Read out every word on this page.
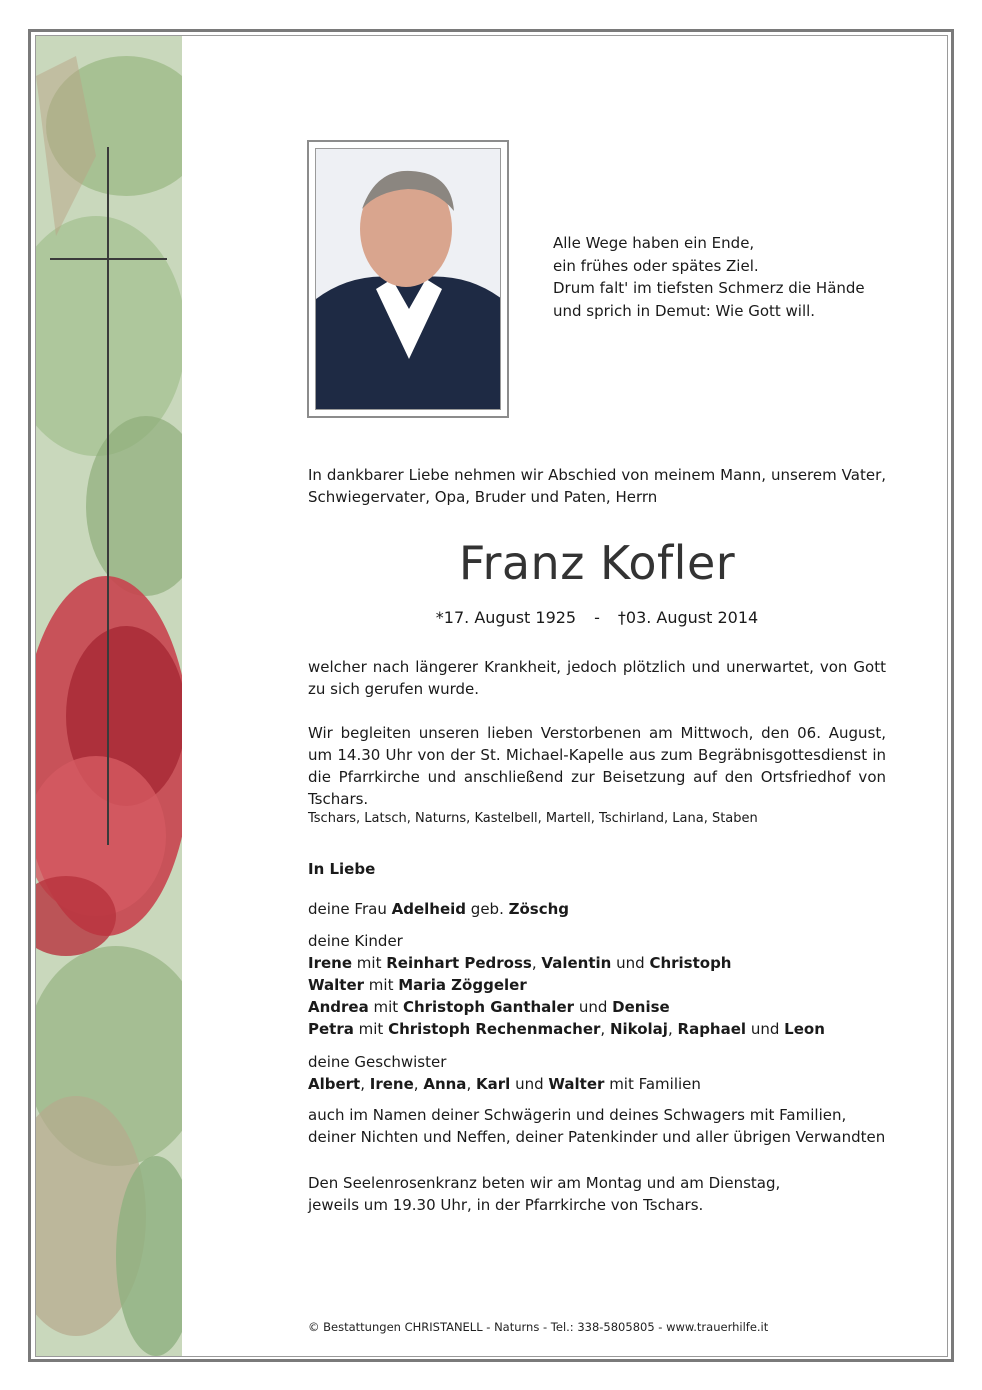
Alle Wege haben ein Ende,
ein frühes oder spätes Ziel.
Drum falt' im tiefsten Schmerz die Hände
und sprich in Demut: Wie Gott will.
In dankbarer Liebe nehmen wir Abschied von meinem Mann, unserem Vater, Schwiegervater, Opa, Bruder und Paten, Herrn
Franz Kofler
*17. August 1925 - †03. August 2014
welcher nach längerer Krankheit, jedoch plötzlich und unerwartet, von Gott zu sich gerufen wurde.
Wir begleiten unseren lieben Verstorbenen am Mittwoch, den 06. August, um 14.30 Uhr von der St. Michael-Kapelle aus zum Begräbnisgottesdienst in die Pfarrkirche und anschließend zur Beisetzung auf den Ortsfriedhof von Tschars.
Tschars, Latsch, Naturns, Kastelbell, Martell, Tschirland, Lana, Staben
In Liebe
deine Frau Adelheid geb. Zöschg
deine Kinder
Irene mit Reinhart Pedross, Valentin und Christoph
Walter mit Maria Zöggeler
Andrea mit Christoph Ganthaler und Denise
Petra mit Christoph Rechenmacher, Nikolaj, Raphael und Leon
deine Geschwister
Albert, Irene, Anna, Karl und Walter mit Familien
auch im Namen deiner Schwägerin und deines Schwagers mit Familien,
deiner Nichten und Neffen, deiner Patenkinder und aller übrigen Verwandten
Den Seelenrosenkranz beten wir am Montag und am Dienstag,
jeweils um 19.30 Uhr, in der Pfarrkirche von Tschars.
© Bestattungen CHRISTANELL - Naturns - Tel.: 338-5805805 - www.trauerhilfe.it
